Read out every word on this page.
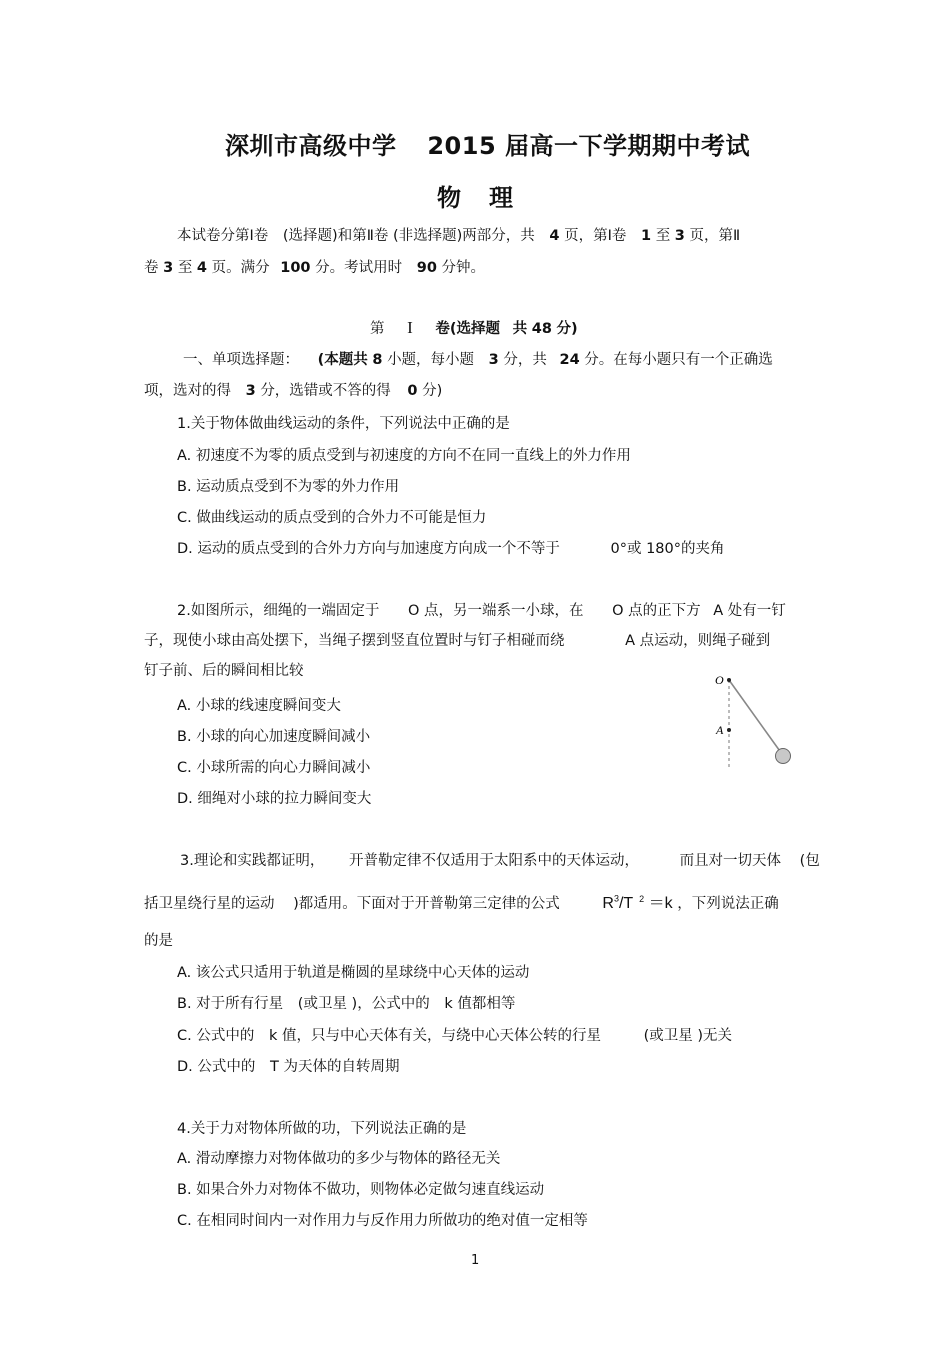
深圳市高级中学 2015 届高一下学期期中考试
物理
本试卷分第Ⅰ卷 (选择题)和第Ⅱ卷 (非选择题)两部分，共 4 页，第Ⅰ卷 1 至 3 页，第Ⅱ
卷 3 至 4 页。满分 100 分。考试用时 90 分钟。
第 I 卷(选择题 共 48 分)
一、单项选择题： (本题共 8 小题，每小题 3 分，共 24 分。在每小题只有一个正确选
项，选对的得 3 分，选错或不答的得 0 分)
1.关于物体做曲线运动的条件，下列说法中正确的是
A. 初速度不为零的质点受到与初速度的方向不在同一直线上的外力作用
B. 运动质点受到不为零的外力作用
C. 做曲线运动的质点受到的合外力不可能是恒力
D. 运动的质点受到的合外力方向与加速度方向成一个不等于	0°或 180°的夹角
2.如图所示，细绳的一端固定于 O 点，另一端系一小球，在 O 点的正下方 A 处有一钉
子，现使小球由高处摆下，当绳子摆到竖直位置时与钉子相碰而绕	A 点运动，则绳子碰到
钉子前、后的瞬间相比较
A. 小球的线速度瞬间变大
B. 小球的向心加速度瞬间减小
C. 小球所需的向心力瞬间减小
D. 细绳对小球的拉力瞬间变大
O
A
3.理论和实践都证明， 开普勒定律不仅适用于太阳系中的天体运动，	而且对一切天体 (包
括卫星绕行星的运动 )都适用。下面对于开普勒第三定律的公式	$R^3/T$ $^2$ ＝k ，下列说法正确
的是
A. 该公式只适用于轨道是椭圆的星球绕中心天体的运动
B. 对于所有行星 (或卫星 )，公式中的 k 值都相等
C. 公式中的 k 值，只与中心天体有关，与绕中心天体公转的行星	(或卫星 )无关
D. 公式中的 T 为天体的自转周期
4.关于力对物体所做的功，下列说法正确的是
A. 滑动摩擦力对物体做功的多少与物体的路径无关
B. 如果合外力对物体不做功，则物体必定做匀速直线运动
C. 在相同时间内一对作用力与反作用力所做功的绝对值一定相等
1
